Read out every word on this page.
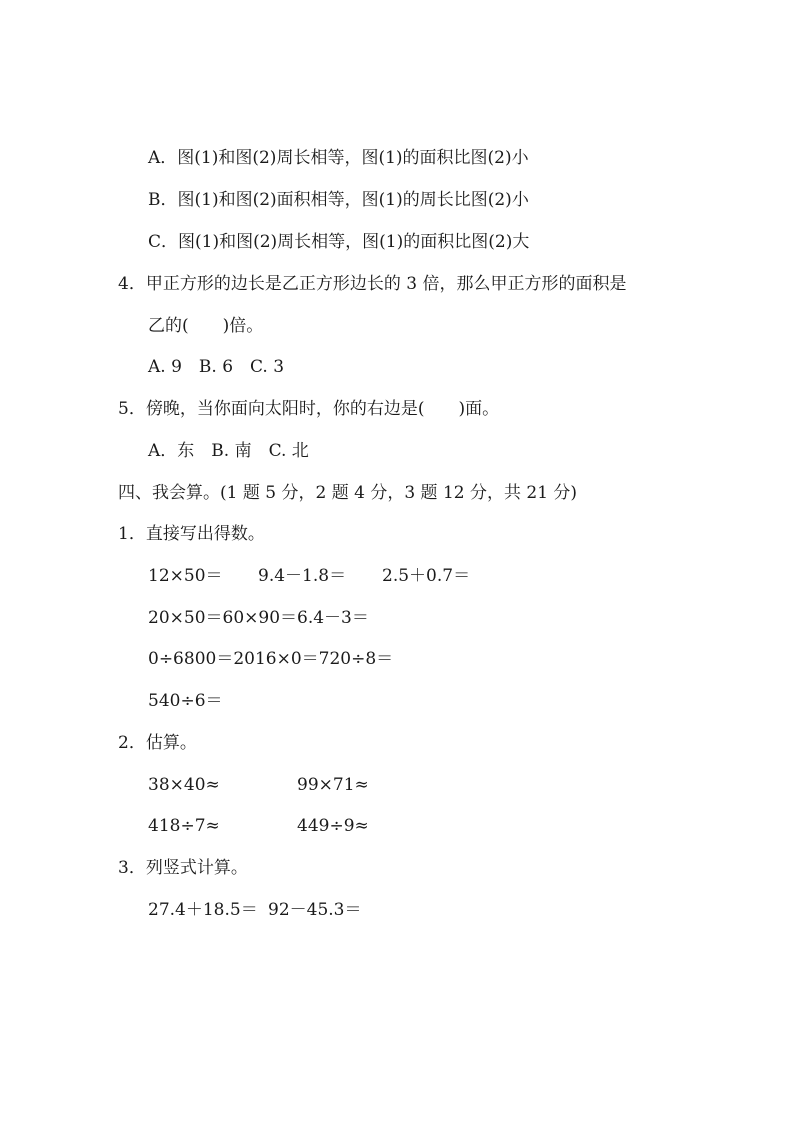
A．图(1)和图(2)周长相等，图(1)的面积比图(2)小
B．图(1)和图(2)面积相等，图(1)的周长比图(2)小
C．图(1)和图(2)周长相等，图(1)的面积比图(2)大
4．甲正方形的边长是乙正方形边长的 3 倍，那么甲正方形的面积是
乙的(　　)倍。
A. 9　B. 6　C. 3
5．傍晚，当你面向太阳时，你的右边是(　　)面。
A．东　B. 南　C. 北
四、我会算。(1 题 5 分，2 题 4 分，3 题 12 分，共 21 分)
1．直接写出得数。

12×50＝

9.4－1.8＝

2.5＋0.7＝

20×50＝60×90＝6.4－3＝
0÷6800＝2016×0＝720÷8＝
540÷6＝
2．估算。

38×40≈

	99×71≈

418÷7≈

	449÷9≈

3．列竖式计算。

27.4＋18.5＝

92－45.3＝
